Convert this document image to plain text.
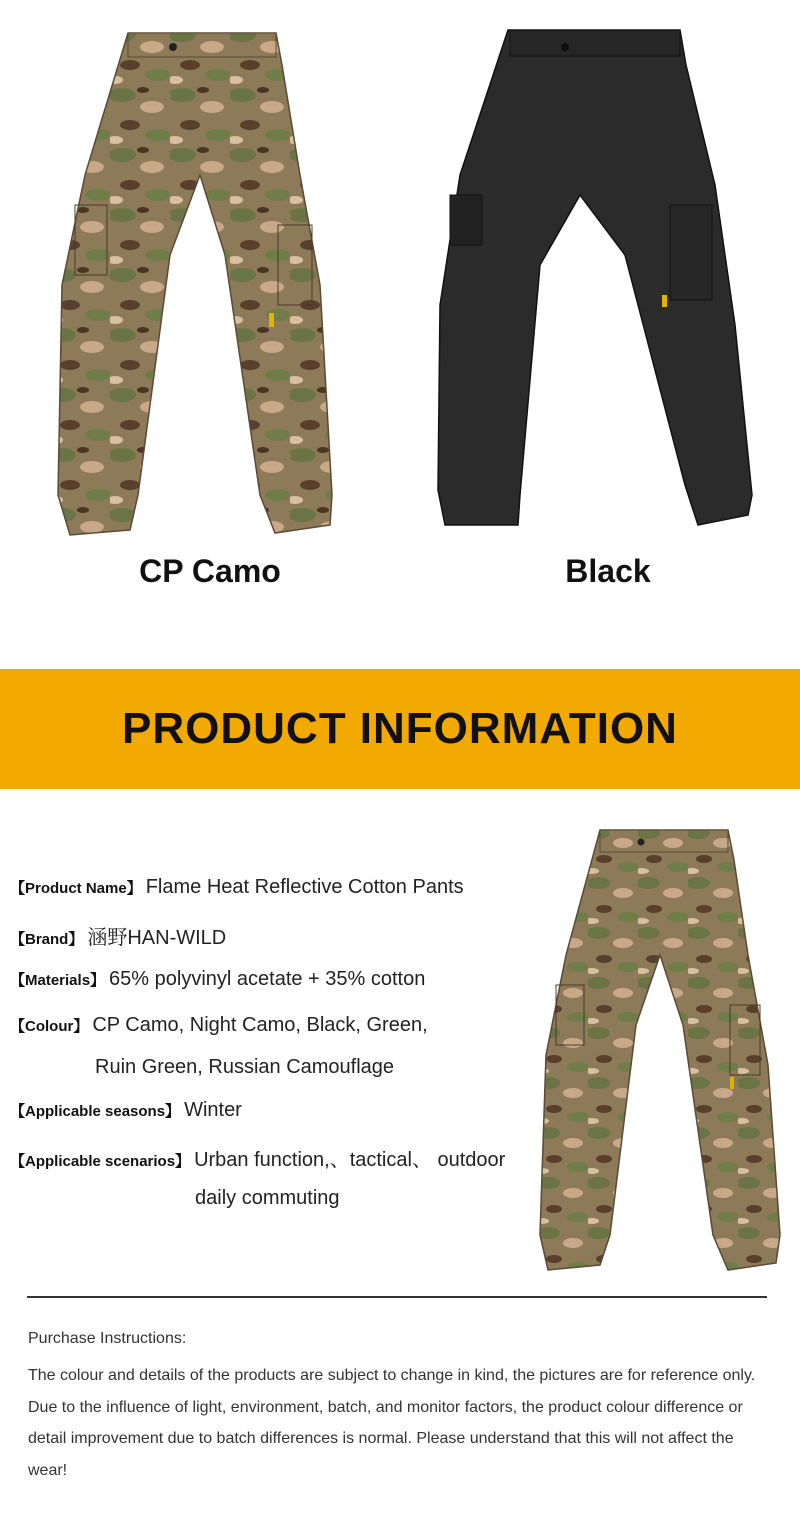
CP Camo	Black
PRODUCT INFORMATION
【Product Name】 Flame Heat Reflective Cotton Pants
【Brand】 涵野HAN-WILD
【Materials】 65% polyvinyl acetate + 35% cotton
【Colour】 CP Camo, Night Camo, Black, Green,
Ruin Green, Russian Camouflage
【Applicable seasons】 Winter
【Applicable scenarios】 Urban function,、tactical、 outdoor
daily commuting
Purchase Instructions:
The colour and details of the products are subject to change in kind, the pictures are for reference only.
Due to the influence of light, environment, batch, and monitor factors, the product colour difference or
detail improvement due to batch differences is normal. Please understand that this will not affect the
wear!
